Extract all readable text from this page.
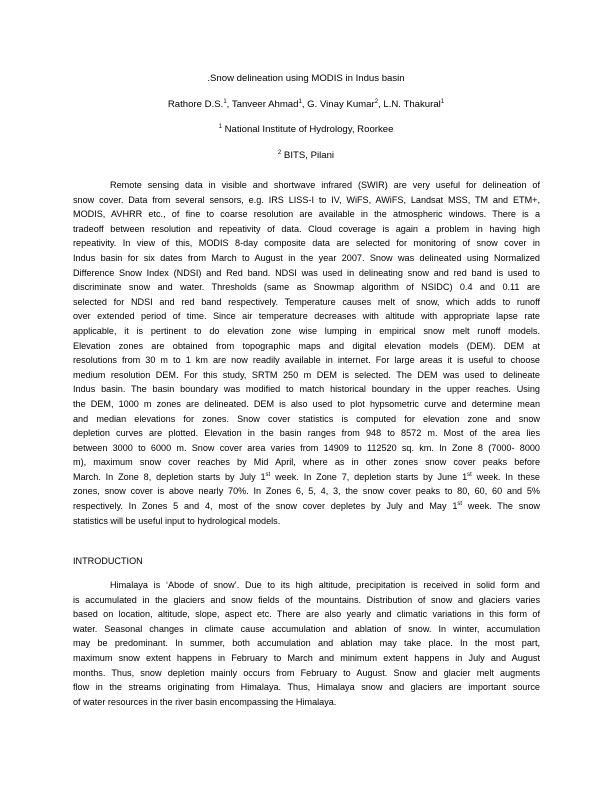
.Snow delineation using MODIS in Indus basin
Rathore D.S.$^1$, Tanveer Ahmad$^1$, G. Vinay Kumar$^2$, L.N. Thakural$^1$
$^1$ National Institute of Hydrology, Roorkee
$^2$ BITS, Pilani
Remote sensing data in visible and shortwave infrared (SWIR) are very useful for delineation of
snow cover. Data from several sensors, e.g. IRS LISS-I to IV, WiFS, AWiFS, Landsat MSS, TM and ETM+,
MODIS, AVHRR etc., of fine to coarse resolution are available in the atmospheric windows. There is a
tradeoff between resolution and repeativity of data. Cloud coverage is again a problem in having high
repeativity. In view of this, MODIS 8-day composite data are selected for monitoring of snow cover in
Indus basin for six dates from March to August in the year 2007. Snow was delineated using Normalized
Difference Snow Index (NDSI) and Red band. NDSI was used in delineating snow and red band is used to
discriminate snow and water. Thresholds (same as Snowmap algorithm of NSIDC) 0.4 and 0.11 are
selected for NDSI and red band respectively. Temperature causes melt of snow, which adds to runoff
over extended period of time. Since air temperature decreases with altitude with appropriate lapse rate
applicable, it is pertinent to do elevation zone wise lumping in empirical snow melt runoff models.
Elevation zones are obtained from topographic maps and digital elevation models (DEM). DEM at
resolutions from 30 m to 1 km are now readily available in internet. For large areas it is useful to choose
medium resolution DEM. For this study, SRTM 250 m DEM is selected. The DEM was used to delineate
Indus basin. The basin boundary was modified to match historical boundary in the upper reaches. Using
the DEM, 1000 m zones are delineated. DEM is also used to plot hypsometric curve and determine mean
and median elevations for zones. Snow cover statistics is computed for elevation zone and snow
depletion curves are plotted. Elevation in the basin ranges from 948 to 8572 m. Most of the area lies
between 3000 to 6000 m. Snow cover area varies from 14909 to 112520 sq. km. In Zone 8 (7000- 8000
m), maximum snow cover reaches by Mid April, where as in other zones snow cover peaks before
March. In Zone 8, depletion starts by July 1st week. In Zone 7, depletion starts by June 1st week. In these
zones, snow cover is above nearly 70%. In Zones 6, 5, 4, 3, the snow cover peaks to 80, 60, 60 and 5%
respectively. In Zones 5 and 4, most of the snow cover depletes by July and May 1st week. The snow
statistics will be useful input to hydrological models.
INTRODUCTION
Himalaya is ‘Abode of snow’. Due to its high altitude, precipitation is received in solid form and
is accumulated in the glaciers and snow fields of the mountains. Distribution of snow and glaciers varies
based on location, altitude, slope, aspect etc. There are also yearly and climatic variations in this form of
water. Seasonal changes in climate cause accumulation and ablation of snow. In winter, accumulation
may be predominant. In summer, both accumulation and ablation may take place. In the most part,
maximum snow extent happens in February to March and minimum extent happens in July and August
months. Thus, snow depletion mainly occurs from February to August. Snow and glacier melt augments
flow in the streams originating from Himalaya. Thus, Himalaya snow and glaciers are important source
of water resources in the river basin encompassing the Himalaya.
